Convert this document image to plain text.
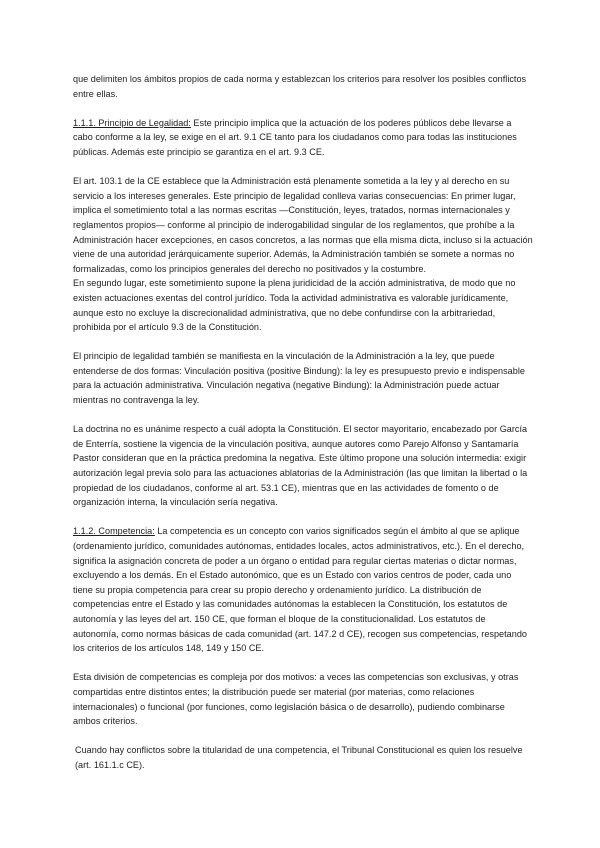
que delimiten los ámbitos propios de cada norma y establezcan los criterios para resolver los posibles conflictos entre ellas.

1.1.1. Principio de Legalidad: Este principio implica que la actuación de los poderes públicos debe llevarse a cabo conforme a la ley, se exige en el art. 9.1 CE tanto para los ciudadanos como para todas las instituciones públicas. Además este principio se garantiza en el art. 9.3 CE.

El art. 103.1 de la CE establece que la Administración está plenamente sometida a la ley y al derecho en su servicio a los intereses generales. Este principio de legalidad conlleva varias consecuencias: En primer lugar, implica el sometimiento total a las normas escritas —Constitución, leyes, tratados, normas internacionales y reglamentos propios— conforme al principio de inderogabilidad singular de los reglamentos, que prohíbe a la Administración hacer excepciones, en casos concretos, a las normas que ella misma dicta, incluso si la actuación viene de una autoridad jerárquicamente superior. Además, la Administración también se somete a normas no formalizadas, como los principios generales del derecho no positivados y la costumbre.

En segundo lugar, este sometimiento supone la plena juridicidad de la acción administrativa, de modo que no existen actuaciones exentas del control jurídico. Toda la actividad administrativa es valorable jurídicamente, aunque esto no excluye la discrecionalidad administrativa, que no debe confundirse con la arbitrariedad, prohibida por el artículo 9.3 de la Constitución.

El principio de legalidad también se manifiesta en la vinculación de la Administración a la ley, que puede entenderse de dos formas: Vinculación positiva (positive Bindung): la ley es presupuesto previo e indispensable para la actuación administrativa. Vinculación negativa (negative Bindung): la Administración puede actuar mientras no contravenga la ley.

La doctrina no es unánime respecto a cuál adopta la Constitución. El sector mayoritario, encabezado por García de Enterría, sostiene la vigencia de la vinculación positiva, aunque autores como Parejo Alfonso y Santamaría Pastor consideran que en la práctica predomina la negativa. Este último propone una solución intermedia: exigir autorización legal previa solo para las actuaciones ablatorias de la Administración (las que limitan la libertad o la propiedad de los ciudadanos, conforme al art. 53.1 CE), mientras que en las actividades de fomento o de organización interna, la vinculación sería negativa.

1.1.2. Competencia: La competencia es un concepto con varios significados según el ámbito al que se aplique (ordenamiento jurídico, comunidades autónomas, entidades locales, actos administrativos, etc.). En el derecho, significa la asignación concreta de poder a un órgano o entidad para regular ciertas materias o dictar normas, excluyendo a los demás. En el Estado autonómico, que es un Estado con varios centros de poder, cada uno tiene su propia competencia para crear su propio derecho y ordenamiento jurídico. La distribución de competencias entre el Estado y las comunidades autónomas la establecen la Constitución, los estatutos de autonomía y las leyes del art. 150 CE, que forman el bloque de la constitucionalidad. Los estatutos de autonomía, como normas básicas de cada comunidad (art. 147.2 d CE), recogen sus competencias, respetando los criterios de los artículos 148, 149 y 150 CE.

Esta división de competencias es compleja por dos motivos: a veces las competencias son exclusivas, y otras compartidas entre distintos entes; la distribución puede ser material (por materias, como relaciones internacionales) o funcional (por funciones, como legislación básica o de desarrollo), pudiendo combinarse ambos criterios.

Cuando hay conflictos sobre la titularidad de una competencia, el Tribunal Constitucional es quien los resuelve (art. 161.1.c CE).
